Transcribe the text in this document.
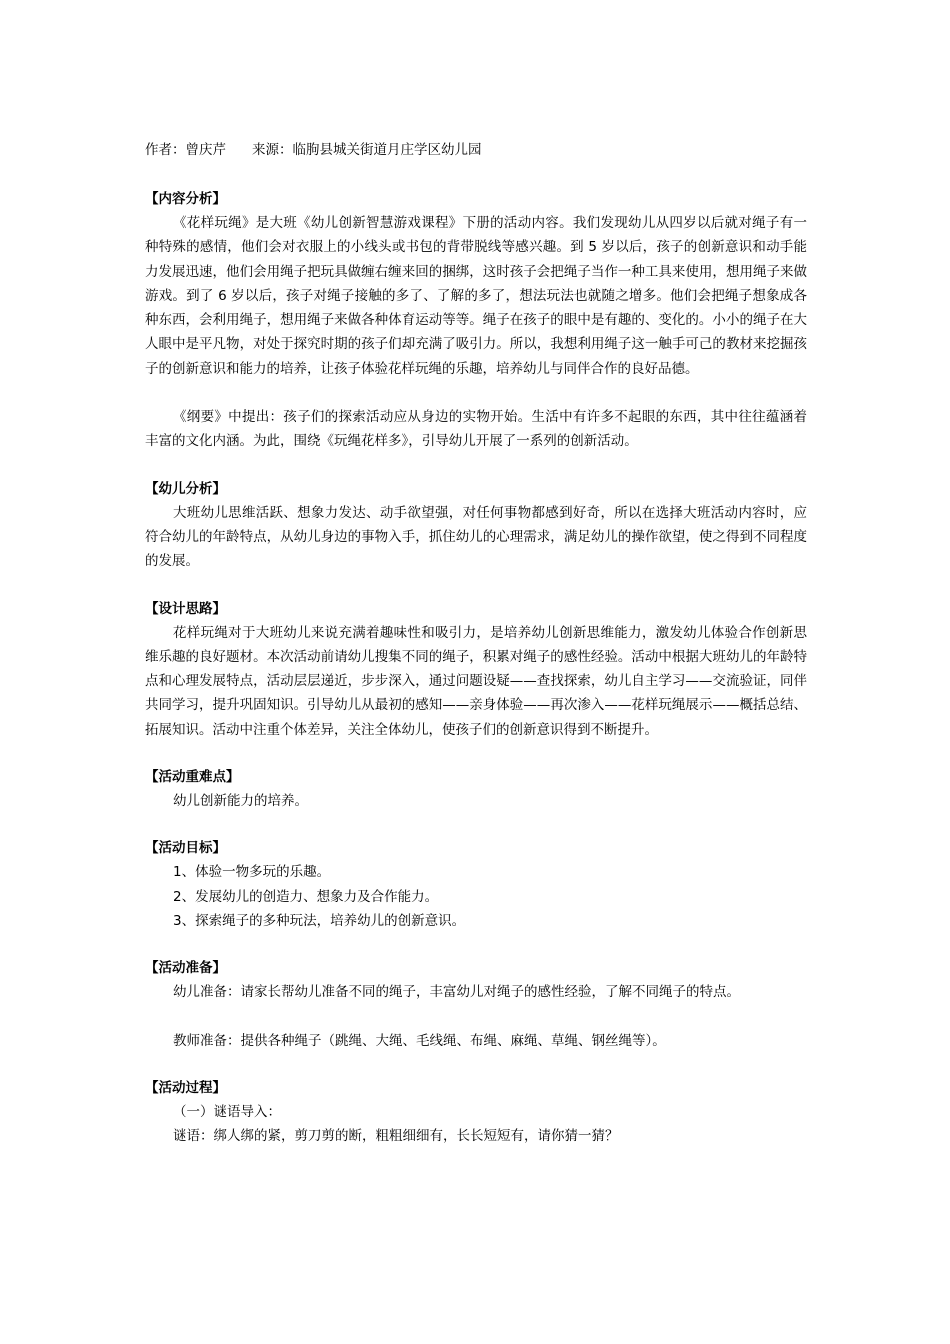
作者：曾庆芹 来源：临朐县城关街道月庄学区幼儿园
【内容分析】

《花样玩绳》是大班《幼儿创新智慧游戏课程》下册的活动内容。我们发现幼儿从四岁以后就对绳子有一种特殊的感情，他们会对衣服上的小线头或书包的背带脱线等感兴趣。到 5 岁以后，孩子的创新意识和动手能力发展迅速，他们会用绳子把玩具做缠右缠来回的捆绑，这时孩子会把绳子当作一种工具来使用，想用绳子来做游戏。到了 6 岁以后，孩子对绳子接触的多了、了解的多了，想法玩法也就随之增多。他们会把绳子想象成各种东西，会利用绳子，想用绳子来做各种体育运动等等。绳子在孩子的眼中是有趣的、变化的。小小的绳子在大人眼中是平凡物，对处于探究时期的孩子们却充满了吸引力。所以，我想利用绳子这一触手可己的教材来挖掘孩子的创新意识和能力的培养，让孩子体验花样玩绳的乐趣，培养幼儿与同伴合作的良好品德。

《纲要》中提出：孩子们的探索活动应从身边的实物开始。生活中有许多不起眼的东西，其中往往蕴涵着丰富的文化内涵。为此，围绕《玩绳花样多》，引导幼儿开展了一系列的创新活动。

【幼儿分析】

大班幼儿思维活跃、想象力发达、动手欲望强，对任何事物都感到好奇，所以在选择大班活动内容时，应符合幼儿的年龄特点，从幼儿身边的事物入手，抓住幼儿的心理需求，满足幼儿的操作欲望，使之得到不同程度的发展。

【设计思路】

花样玩绳对于大班幼儿来说充满着趣味性和吸引力，是培养幼儿创新思维能力，激发幼儿体验合作创新思维乐趣的良好题材。本次活动前请幼儿搜集不同的绳子，积累对绳子的感性经验。活动中根据大班幼儿的年龄特点和心理发展特点，活动层层递近，步步深入，通过问题设疑——查找探索，幼儿自主学习——交流验证，同伴共同学习，提升巩固知识。引导幼儿从最初的感知——亲身体验——再次渗入——花样玩绳展示——概括总结、拓展知识。活动中注重个体差异，关注全体幼儿，使孩子们的创新意识得到不断提升。

【活动重难点】

幼儿创新能力的培养。

【活动目标】

1、体验一物多玩的乐趣。

2、发展幼儿的创造力、想象力及合作能力。

3、探索绳子的多种玩法，培养幼儿的创新意识。

【活动准备】

幼儿准备：请家长帮幼儿准备不同的绳子，丰富幼儿对绳子的感性经验，了解不同绳子的特点。

教师准备：提供各种绳子（跳绳、大绳、毛线绳、布绳、麻绳、草绳、钢丝绳等）。

【活动过程】

（一）谜语导入：

谜语：绑人绑的紧，剪刀剪的断，粗粗细细有，长长短短有，请你猜一猜？
